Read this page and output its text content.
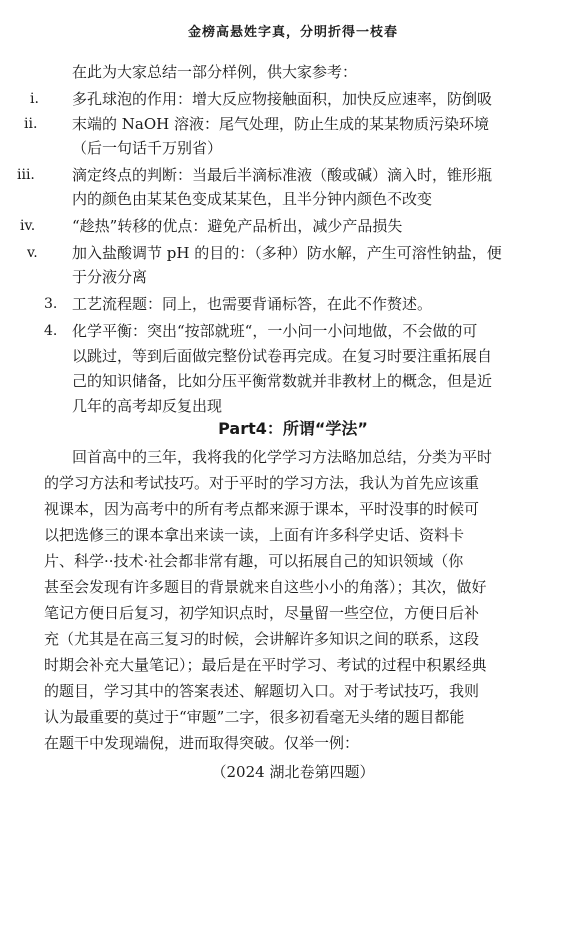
金榜高悬姓字真，分明折得一枝春
在此为大家总结一部分样例，供大家参考：
i. 多孔球泡的作用：增大反应物接触面积，加快反应速率，防倒吸
ii. 末端的 NaOH 溶液：尾气处理，防止生成的某某物质污染环境
（后一句话千万别省）
iii. 滴定终点的判断：当最后半滴标准液（酸或碱）滴入时，锥形瓶
内的颜色由某某色变成某某色，且半分钟内颜色不改变
iv. “趁热”转移的优点：避免产品析出，减少产品损失
v. 加入盐酸调节 pH 的目的：（多种）防水解，产生可溶性钠盐，便
于分液分离
3. 工艺流程题：同上，也需要背诵标答，在此不作赘述。
4. 化学平衡：突出“按部就班“，一小问一小问地做，不会做的可
以跳过，等到后面做完整份试卷再完成。在复习时要注重拓展自
己的知识储备，比如分压平衡常数就并非教材上的概念，但是近
几年的高考却反复出现
Part4：所谓“学法”
回首高中的三年，我将我的化学学习方法略加总结，分类为平时
的学习方法和考试技巧。对于平时的学习方法，我认为首先应该重
视课本，因为高考中的所有考点都来源于课本，平时没事的时候可
以把选修三的课本拿出来读一读，上面有许多科学史话、资料卡
片、科学··技术·社会都非常有趣，可以拓展自己的知识领域（你
甚至会发现有许多题目的背景就来自这些小小的角落）；其次，做好
笔记方便日后复习，初学知识点时，尽量留一些空位，方便日后补
充（尤其是在高三复习的时候，会讲解许多知识之间的联系，这段
时期会补充大量笔记）；最后是在平时学习、考试的过程中积累经典
的题目，学习其中的答案表述、解题切入口。对于考试技巧，我则
认为最重要的莫过于“审题”二字，很多初看毫无头绪的题目都能
在题干中发现端倪，进而取得突破。仅举一例：
（2024 湖北卷第四题）
